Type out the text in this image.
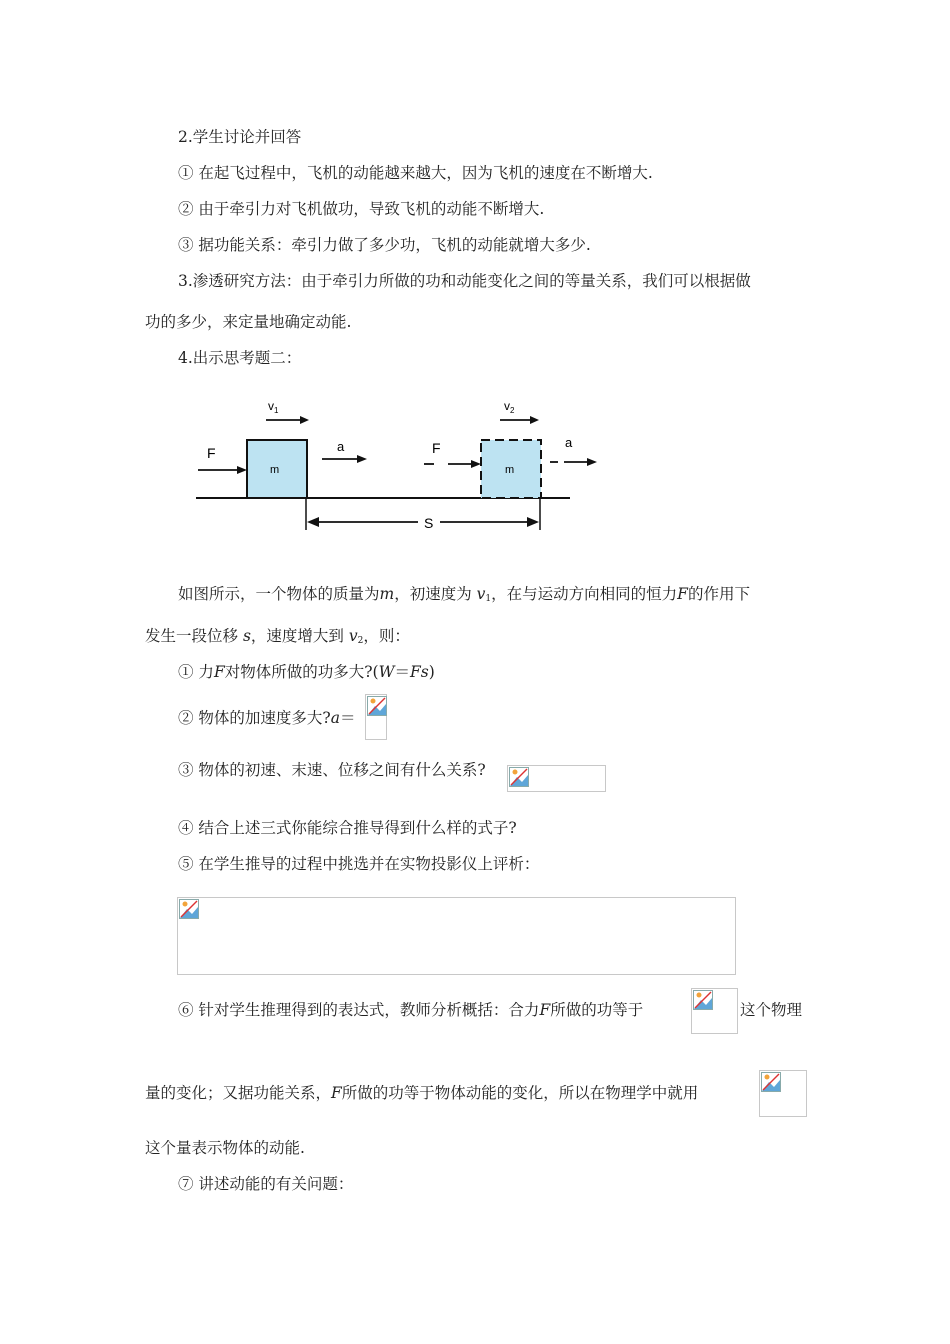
2.学生讨论并回答
① 在起飞过程中，飞机的动能越来越大，因为飞机的速度在不断增大.
② 由于牵引力对飞机做功，导致飞机的动能不断增大.
③ 据功能关系：牵引力做了多少功，飞机的动能就增大多少.
3.渗透研究方法：由于牵引力所做的功和动能变化之间的等量关系，我们可以根据做
功的多少，来定量地确定动能.
4.出示思考题二：
m	m
$v_1$	$v_2$
F	a	F	a
S
如图所示，一个物体的质量为m，初速度为 $v_1$，在与运动方向相同的恒力F的作用下
发生一段位移 s，速度增大到 $v_2$，则：
① 力F对物体所做的功多大?(W＝Fs)
② 物体的加速度多大?a＝
③ 物体的初速、末速、位移之间有什么关系?
④ 结合上述三式你能综合推导得到什么样的式子?
⑤ 在学生推导的过程中挑选并在实物投影仪上评析：
⑥ 针对学生推理得到的表达式，教师分析概括：合力F所做的功等于	这个物理
量的变化；又据功能关系，F所做的功等于物体动能的变化，所以在物理学中就用
这个量表示物体的动能.
⑦ 讲述动能的有关问题：
